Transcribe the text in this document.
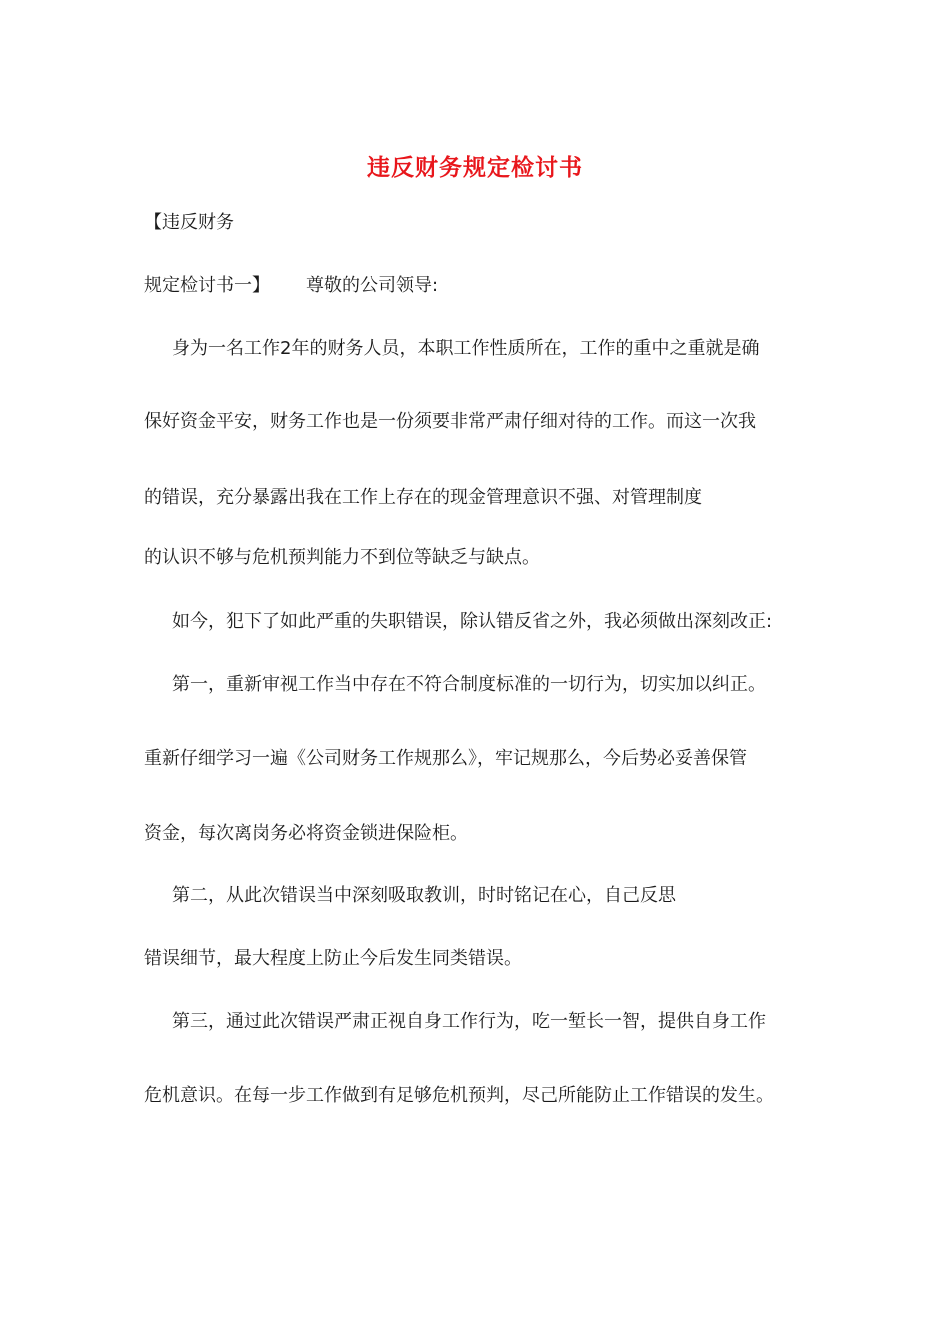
违反财务规定检讨书
【违反财务
规定检讨书一】 尊敬的公司领导:
身为一名工作2年的财务人员，本职工作性质所在，工作的重中之重就是确
保好资金平安，财务工作也是一份须要非常严肃仔细对待的工作。而这一次我
的错误，充分暴露出我在工作上存在的现金管理意识不强、对管理制度
的认识不够与危机预判能力不到位等缺乏与缺点。
如今，犯下了如此严重的失职错误，除认错反省之外，我必须做出深刻改正:
第一，重新审视工作当中存在不符合制度标准的一切行为，切实加以纠正。
重新仔细学习一遍《公司财务工作规那么》，牢记规那么，今后势必妥善保管
资金，每次离岗务必将资金锁进保险柜。
第二，从此次错误当中深刻吸取教训，时时铭记在心，自己反思
错误细节，最大程度上防止今后发生同类错误。
第三，通过此次错误严肃正视自身工作行为，吃一堑长一智，提供自身工作
危机意识。在每一步工作做到有足够危机预判，尽己所能防止工作错误的发生。
